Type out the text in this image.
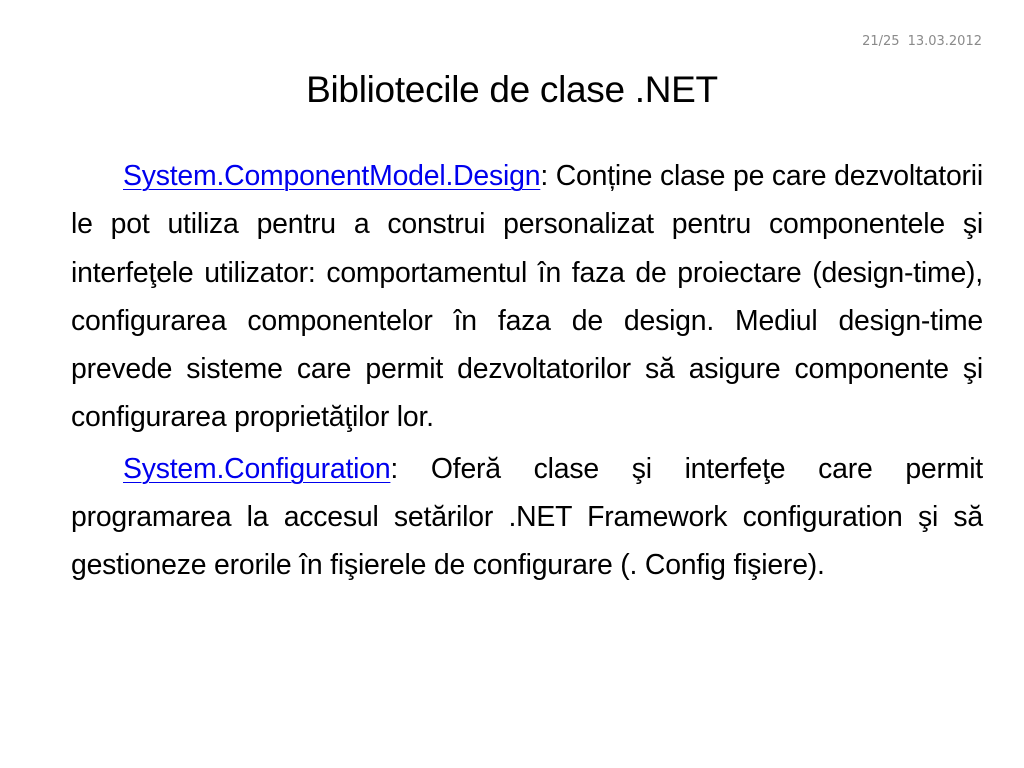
21/25 13.03.2012
Bibliotecile de clase .NET

System.ComponentModel.Design: Conține clase pe care dezvoltatorii le pot utiliza pentru a construi personalizat pentru componentele şi interfeţele utilizator: comportamentul în faza de proiectare (design-time), configurarea componentelor în faza de design. Mediul design-time prevede sisteme care permit dezvoltatorilor să asigure componente şi configurarea proprietăţilor lor.

System.Configuration: Oferă clase şi interfeţe care permit programarea la accesul setărilor .NET Framework configuration şi să gestioneze erorile în fişierele de configurare (. Config fişiere).
